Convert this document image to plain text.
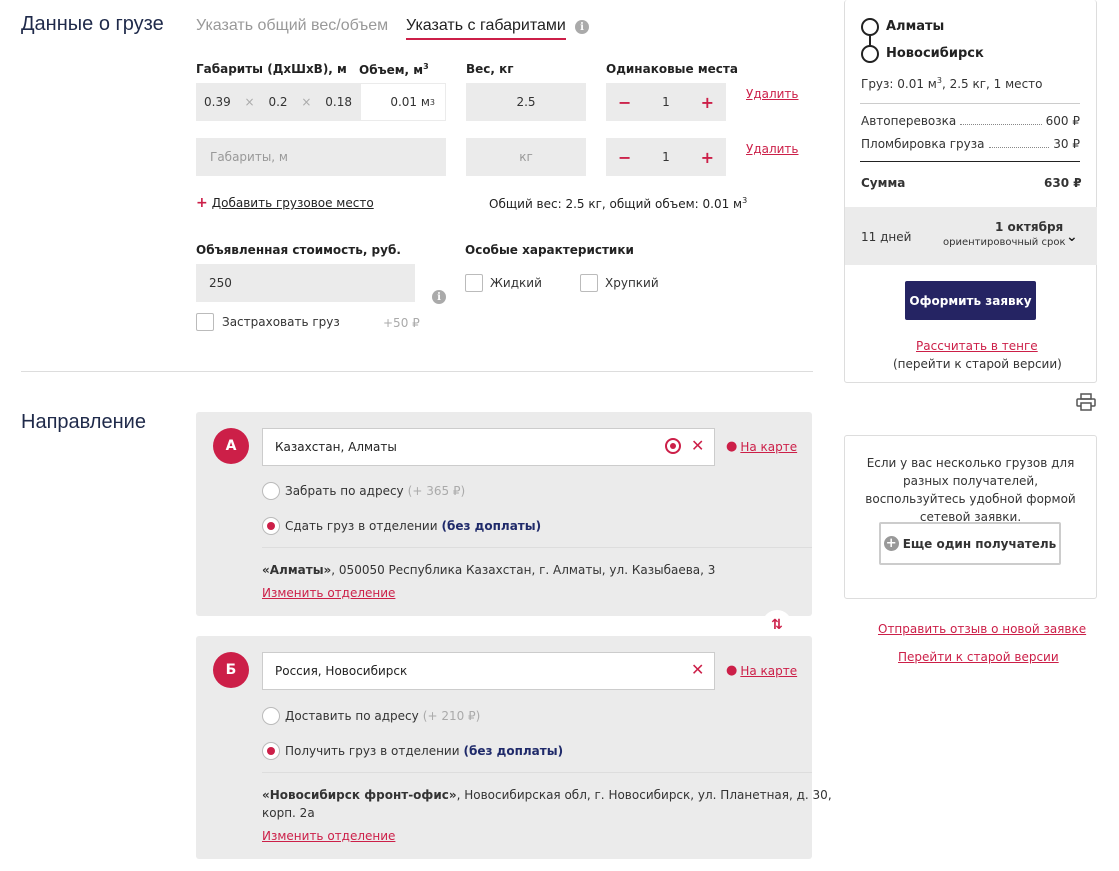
Данные о грузе Указать общий вес/объем Указать с габаритами	i
Габариты (ДхШхВ), м Объем, $м^3$	Вес, кг	Одинаковые места
0.39 × 0.2 × 0.18	0.01 м 3	2.5	−	1 +	Удалить
Габариты, м	кг	−	1 +	Удалить
+ Добавить грузовое место	Общий вес: 2.5 кг, общий объем: 0.01 $м^3$
Объявленная стоимость, руб.
250
i
Застраховать груз	+50 ₽
Особые характеристики
Жидкий	Хрупкий
Направление
А	Казахстан, Алматы	✕ ● На карте
Забрать по адресу (+ 365 ₽)
Сдать груз в отделении (без доплаты)
«Алматы», 050050 Республика Казахстан, г. Алматы, ул. Казыбаева, 3
Изменить отделение
⇅
Б	Россия, Новосибирск	✕ ● На карте
Доставить по адресу (+ 210 ₽)
Получить груз в отделении (без доплаты)
«Новосибирск фронт-офис», Новосибирская обл, г. Новосибирск, ул. Планетная, д. 30,
корп. 2а
Изменить отделение
Алматы
Новосибирск
Груз: 0.01 $м^3$, 2.5 кг, 1 место
Автоперевозка	600 ₽
Пломбировка груза	30 ₽
Сумма	630 ₽
11 дней
1 октября
ориентировочный срок ⌄
Оформить заявку
Рассчитать в тенге
(перейти к старой версии)
Если у вас несколько грузов для разных получателей, воспользуйтесь удобной формой сетевой заявки.
+ Еще один получатель
Отправить отзыв о новой заявке
Перейти к старой версии
